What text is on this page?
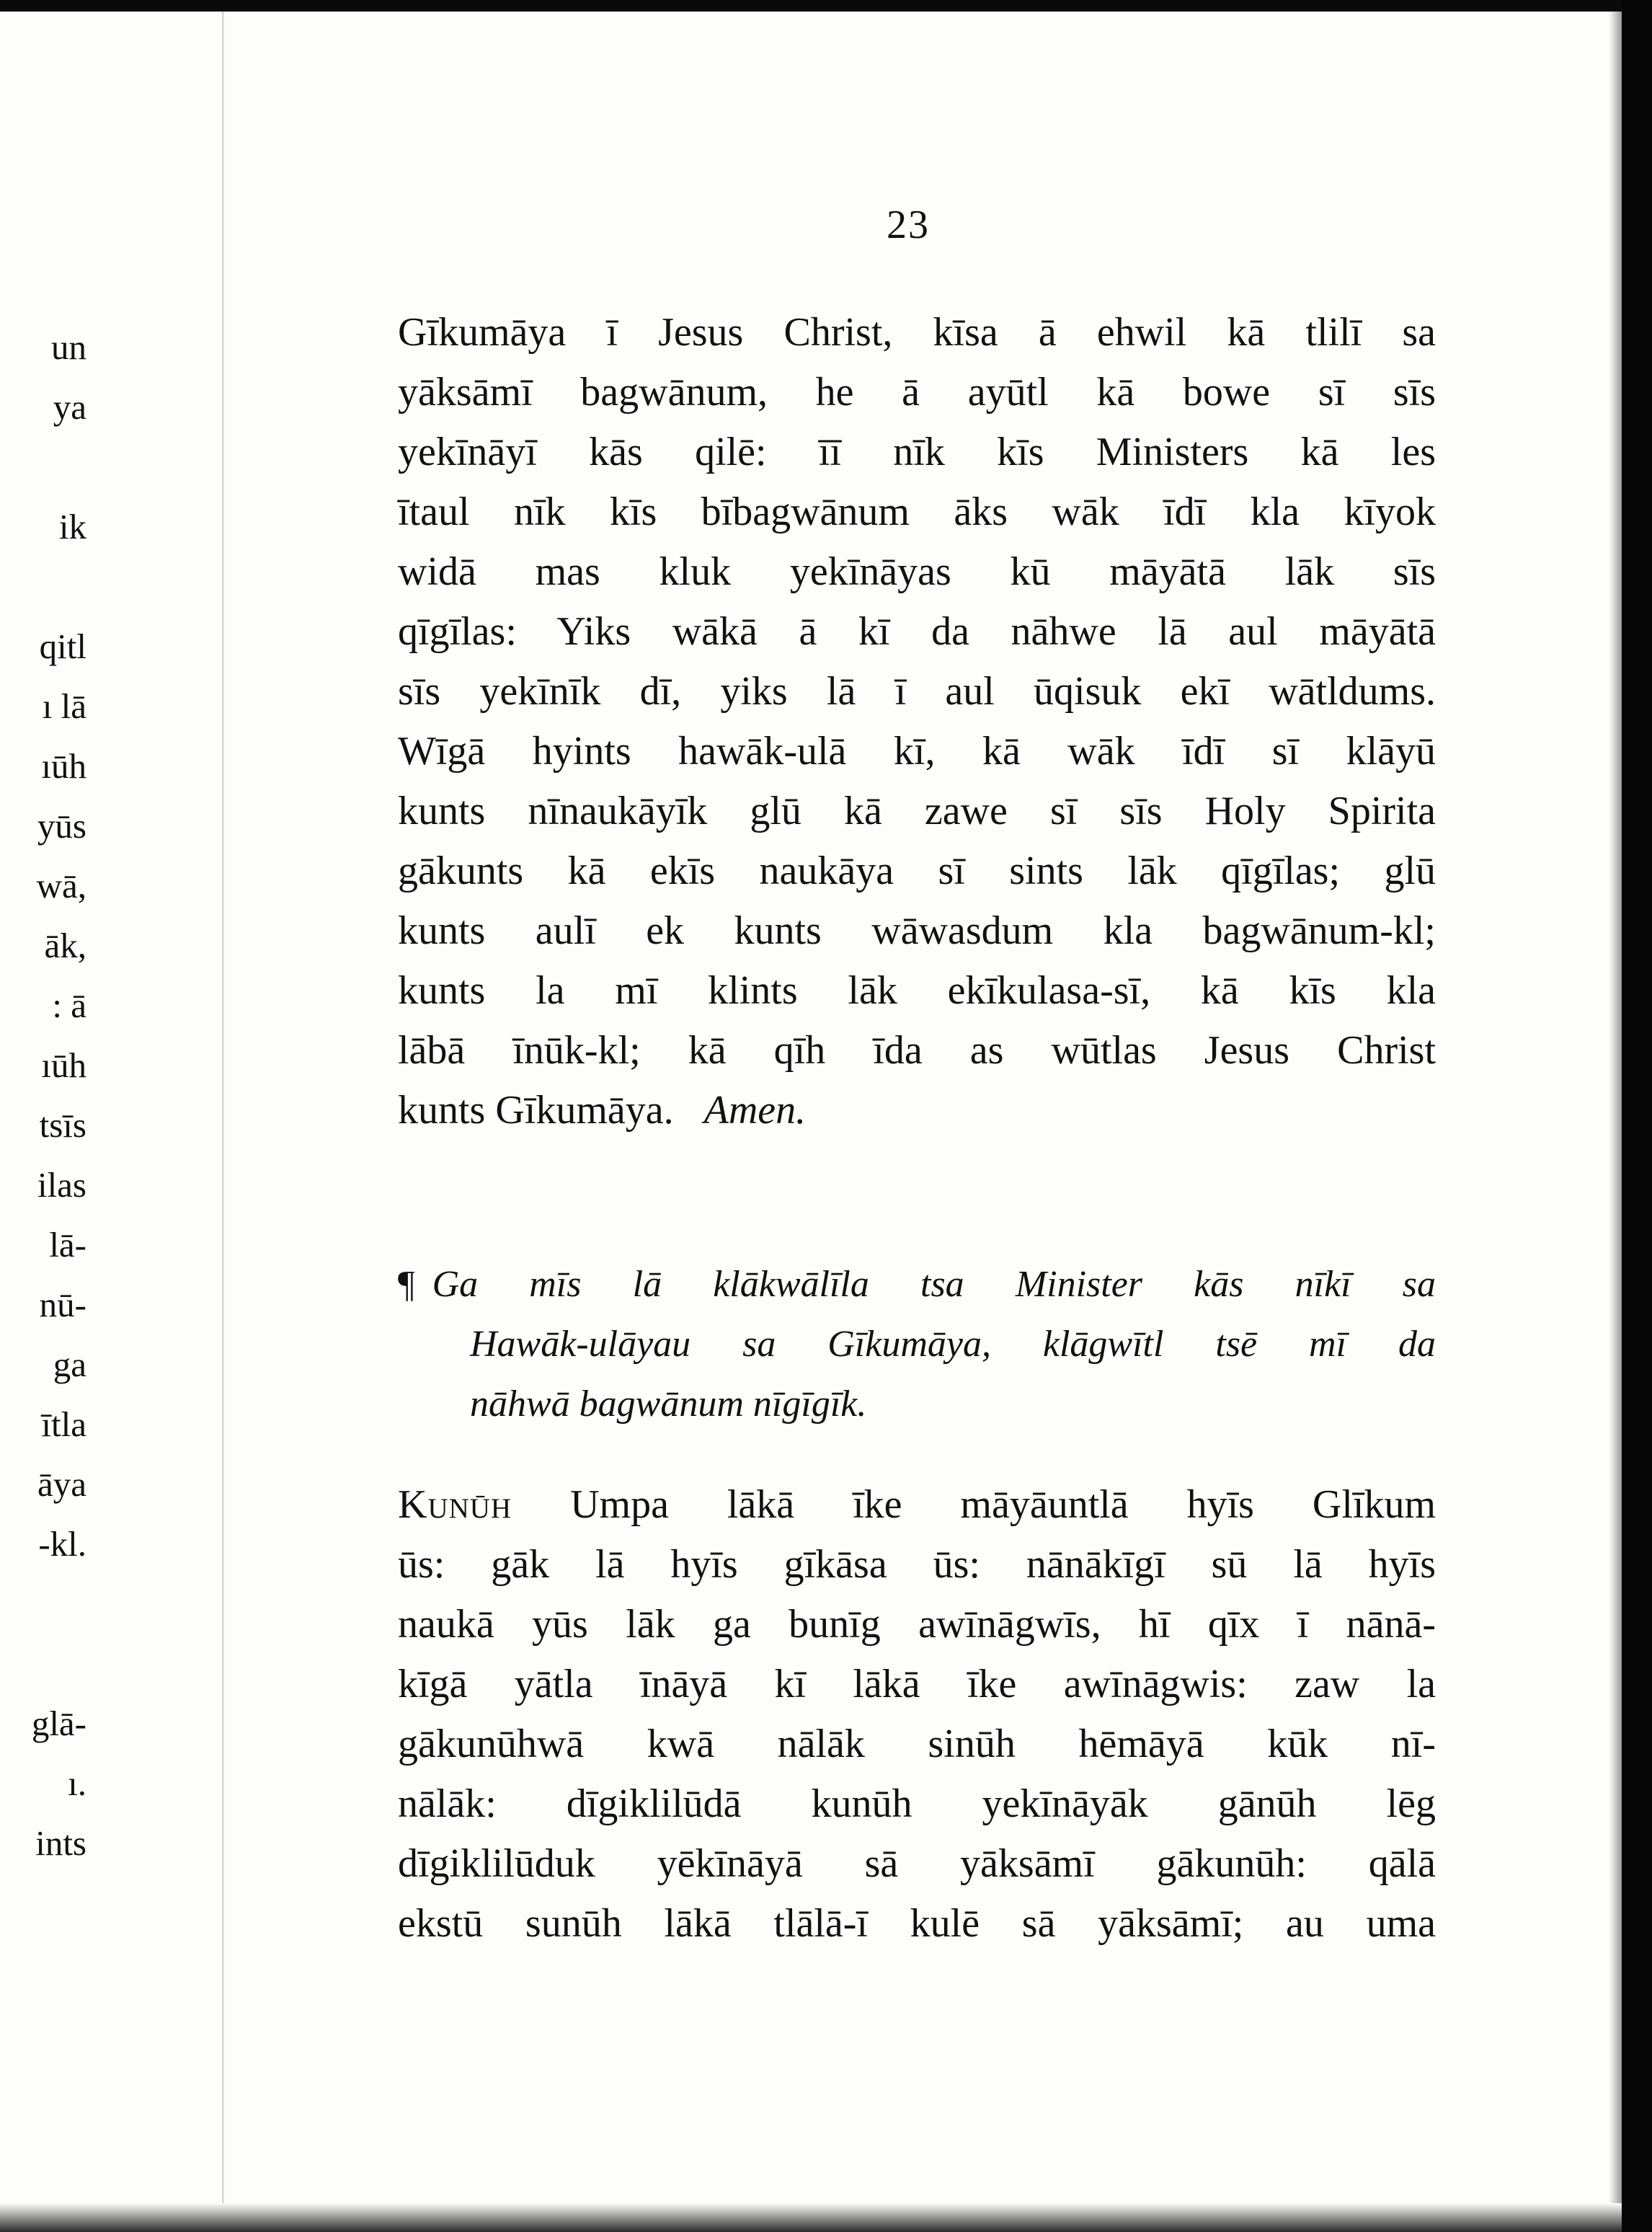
un
ya
ik
qitl
ı lā
ıūh
yūs
wā,
āk,
: ā
ıūh
tsīs
ilas
lā-
nū-
ga
ītla
āya
-kl.
glā-
ı.
ints
23
Gīkumāya ī Jesus Christ, kīsa ā ehwil kā tlilī sa
yāksāmī bagwānum, he ā ayūtl kā bowe sī sīs
yekīnāyī kās qilē: īī nīk kīs Ministers kā les
ītaul nīk kīs bībagwānum āks wāk īdī kla kīyok
widā mas kluk yekīnāyas kū māyātā lāk sīs
qīgīlas: Yiks wākā ā kī da nāhwe lā aul māyātā
sīs yekīnīk dī, yiks lā ī aul ūqisuk ekī wātldums.
Wīgā hyints hawāk-ulā kī, kā wāk īdī sī klāyū
kunts nīnaukāyīk glū kā zawe sī sīs Holy Spirita
gākunts kā ekīs naukāya sī sints lāk qīgīlas; glū
kunts aulī ek kunts wāwasdum kla bagwānum-kl;
kunts la mī klints lāk ekīkulasa-sī, kā kīs kla
lābā īnūk-kl; kā qīh īda as wūtlas Jesus Christ
kunts Gīkumāya. Amen.
¶ Ga mīs lā klākwālīla tsa Minister kās nīkī sa
Hawāk-ulāyau sa Gīkumāya, klāgwītl tsē mī da
nāhwā bagwānum nīgīgīk.
Kunūh Umpa lākā īke māyāuntlā hyīs Glīkum
ūs: gāk lā hyīs gīkāsa ūs: nānākīgī sū lā hyīs
naukā yūs lāk ga bunīg awīnāgwīs, hī qīx ī nānā-
kīgā yātla īnāyā kī lākā īke awīnāgwis: zaw la
gākunūhwā kwā nālāk sinūh hēmāyā kūk nī-
nālāk: dīgiklilūdā kunūh yekīnāyāk gānūh lēg
dīgiklilūduk yēkīnāyā sā yāksāmī gākunūh: qālā
ekstū sunūh lākā tlālā-ī kulē sā yāksāmī; au uma
